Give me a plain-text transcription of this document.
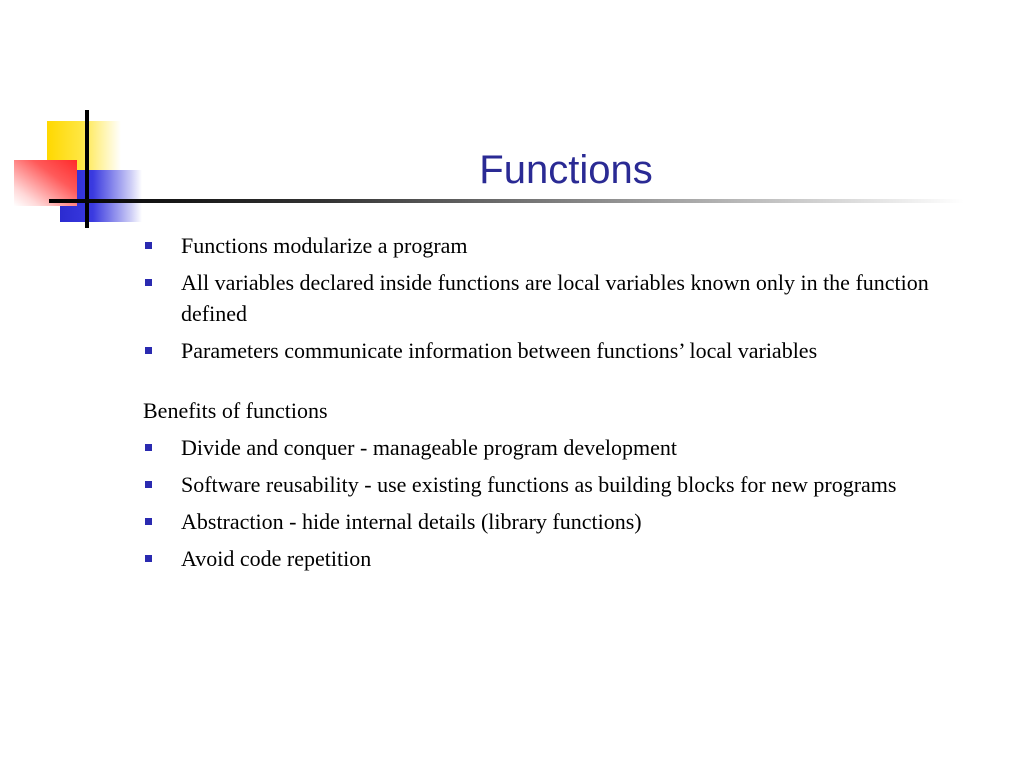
Functions
Functions modularize a program
All variables declared inside functions are local variables known only in the function defined
Parameters communicate information between functions’ local variables
Benefits of functions
Divide and conquer - manageable program development
Software reusability - use existing functions as building blocks for new programs
Abstraction - hide internal details (library functions)
Avoid code repetition
